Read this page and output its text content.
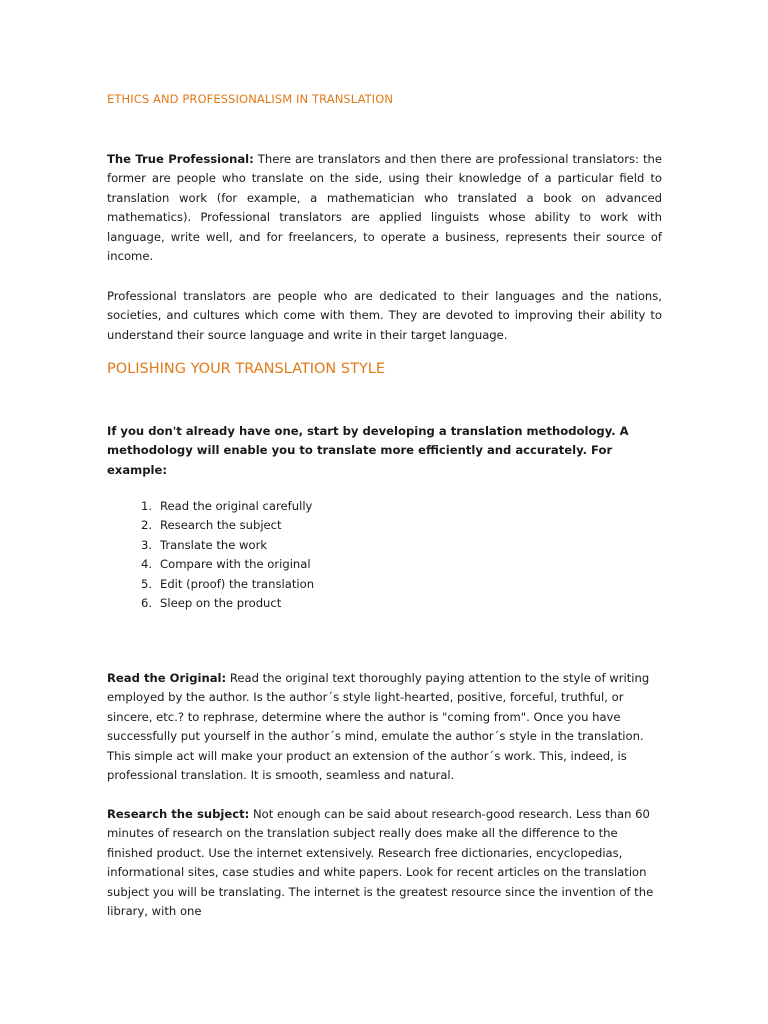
ETHICS AND PROFESSIONALISM IN TRANSLATION
The True Professional: There are translators and then there are professional translators: the former are people who translate on the side, using their knowledge of a particular field to translation work (for example, a mathematician who translated a book on advanced mathematics). Professional translators are applied linguists whose ability to work with language, write well, and for freelancers, to operate a business, represents their source of income.
Professional translators are people who are dedicated to their languages and the nations, societies, and cultures which come with them. They are devoted to improving their ability to understand their source language and write in their target language.
POLISHING YOUR TRANSLATION STYLE
If you don't already have one, start by developing a translation methodology. A methodology will enable you to translate more efficiently and accurately. For example:
1. Read the original carefully
2. Research the subject
3. Translate the work
4. Compare with the original
5. Edit (proof) the translation
6. Sleep on the product
Read the Original: Read the original text thoroughly paying attention to the style of writing employed by the author. Is the author´s style light-hearted, positive, forceful, truthful, or sincere, etc.? to rephrase, determine where the author is "coming from". Once you have successfully put yourself in the author´s mind, emulate the author´s style in the translation. This simple act will make your product an extension of the author´s work. This, indeed, is professional translation. It is smooth, seamless and natural.
Research the subject: Not enough can be said about research-good research. Less than 60 minutes of research on the translation subject really does make all the difference to the finished product. Use the internet extensively. Research free dictionaries, encyclopedias, informational sites, case studies and white papers. Look for recent articles on the translation subject you will be translating. The internet is the greatest resource since the invention of the library, with one
